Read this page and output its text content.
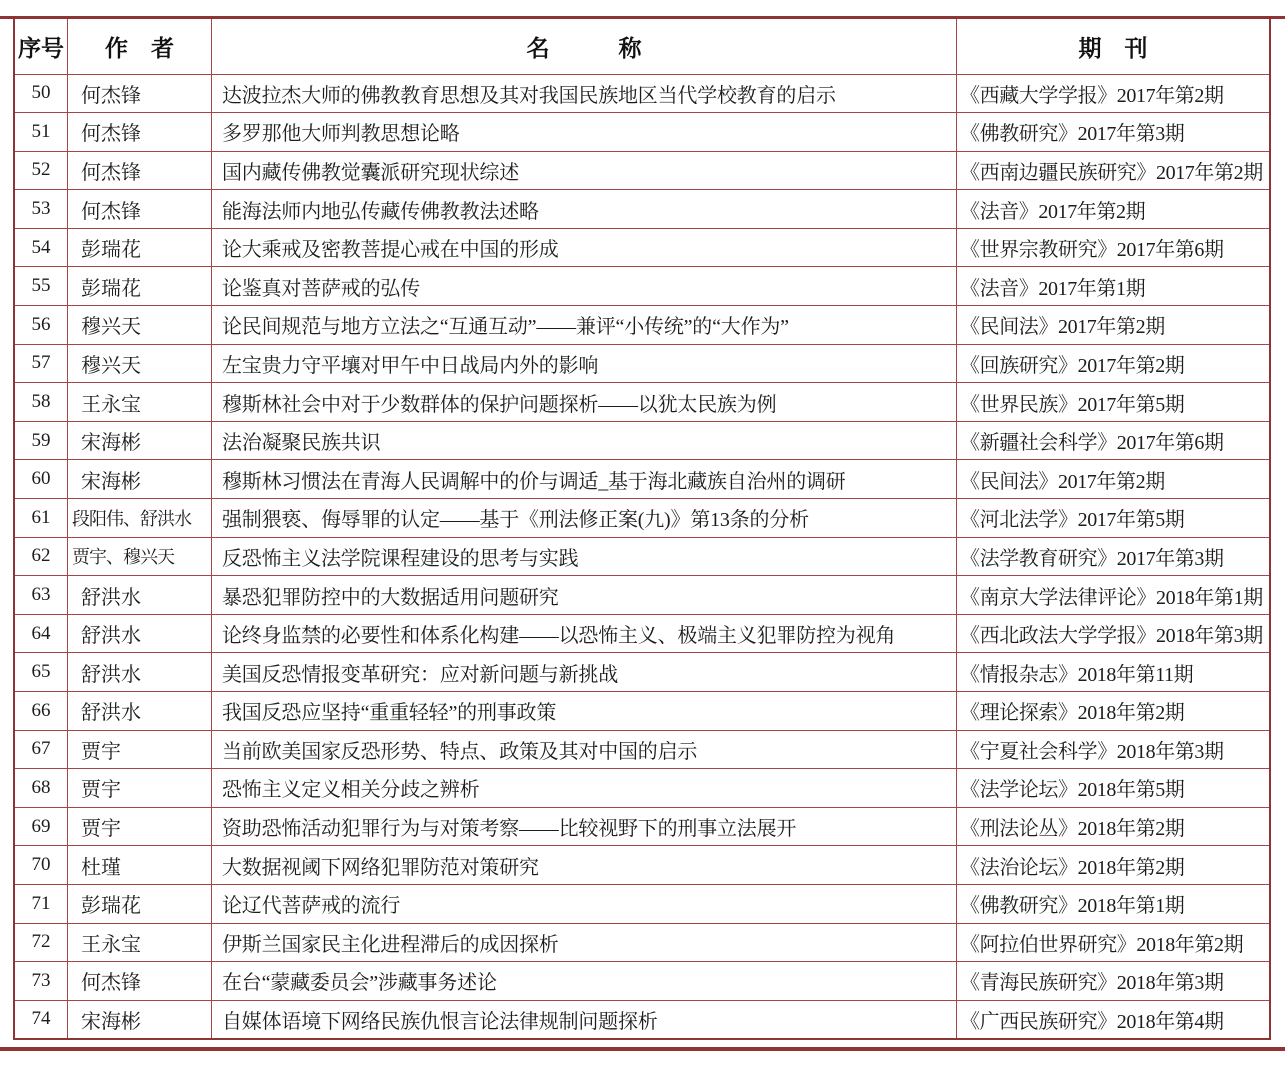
序号	作　者	名　　　称	期　刊
50	何杰锋	达波拉杰大师的佛教教育思想及其对我国民族地区当代学校教育的启示	《西藏大学学报》2017年第2期
51	何杰锋	多罗那他大师判教思想论略	《佛教研究》2017年第3期
52	何杰锋	国内藏传佛教觉囊派研究现状综述	《西南边疆民族研究》2017年第2期
53	何杰锋	能海法师内地弘传藏传佛教教法述略	《法音》2017年第2期
54	彭瑞花	论大乘戒及密教菩提心戒在中国的形成	《世界宗教研究》2017年第6期
55	彭瑞花	论鉴真对菩萨戒的弘传	《法音》2017年第1期
56	穆兴天	论民间规范与地方立法之“互通互动”——兼评“小传统”的“大作为”	《民间法》2017年第2期
57	穆兴天	左宝贵力守平壤对甲午中日战局内外的影响	《回族研究》2017年第2期
58	王永宝	穆斯林社会中对于少数群体的保护问题探析——以犹太民族为例	《世界民族》2017年第5期
59	宋海彬	法治凝聚民族共识	《新疆社会科学》2017年第6期
60	宋海彬	穆斯林习惯法在青海人民调解中的价与调适_基于海北藏族自治州的调研	《民间法》2017年第2期
61	段阳伟、舒洪水	强制猥亵、侮辱罪的认定——基于《刑法修正案(九)》第13条的分析	《河北法学》2017年第5期
62	贾宇、穆兴天	反恐怖主义法学院课程建设的思考与实践	《法学教育研究》2017年第3期
63	舒洪水	暴恐犯罪防控中的大数据适用问题研究	《南京大学法律评论》2018年第1期
64	舒洪水	论终身监禁的必要性和体系化构建——以恐怖主义、极端主义犯罪防控为视角	《西北政法大学学报》2018年第3期
65	舒洪水	美国反恐情报变革研究：应对新问题与新挑战	《情报杂志》2018年第11期
66	舒洪水	我国反恐应坚持“重重轻轻”的刑事政策	《理论探索》2018年第2期
67	贾宇	当前欧美国家反恐形势、特点、政策及其对中国的启示	《宁夏社会科学》2018年第3期
68	贾宇	恐怖主义定义相关分歧之辨析	《法学论坛》2018年第5期
69	贾宇	资助恐怖活动犯罪行为与对策考察——比较视野下的刑事立法展开	《刑法论丛》2018年第2期
70	杜瑾	大数据视阈下网络犯罪防范对策研究	《法治论坛》2018年第2期
71	彭瑞花	论辽代菩萨戒的流行	《佛教研究》2018年第1期
72	王永宝	伊斯兰国家民主化进程滞后的成因探析	《阿拉伯世界研究》2018年第2期
73	何杰锋	在台“蒙藏委员会”涉藏事务述论	《青海民族研究》2018年第3期
74	宋海彬	自媒体语境下网络民族仇恨言论法律规制问题探析	《广西民族研究》2018年第4期
